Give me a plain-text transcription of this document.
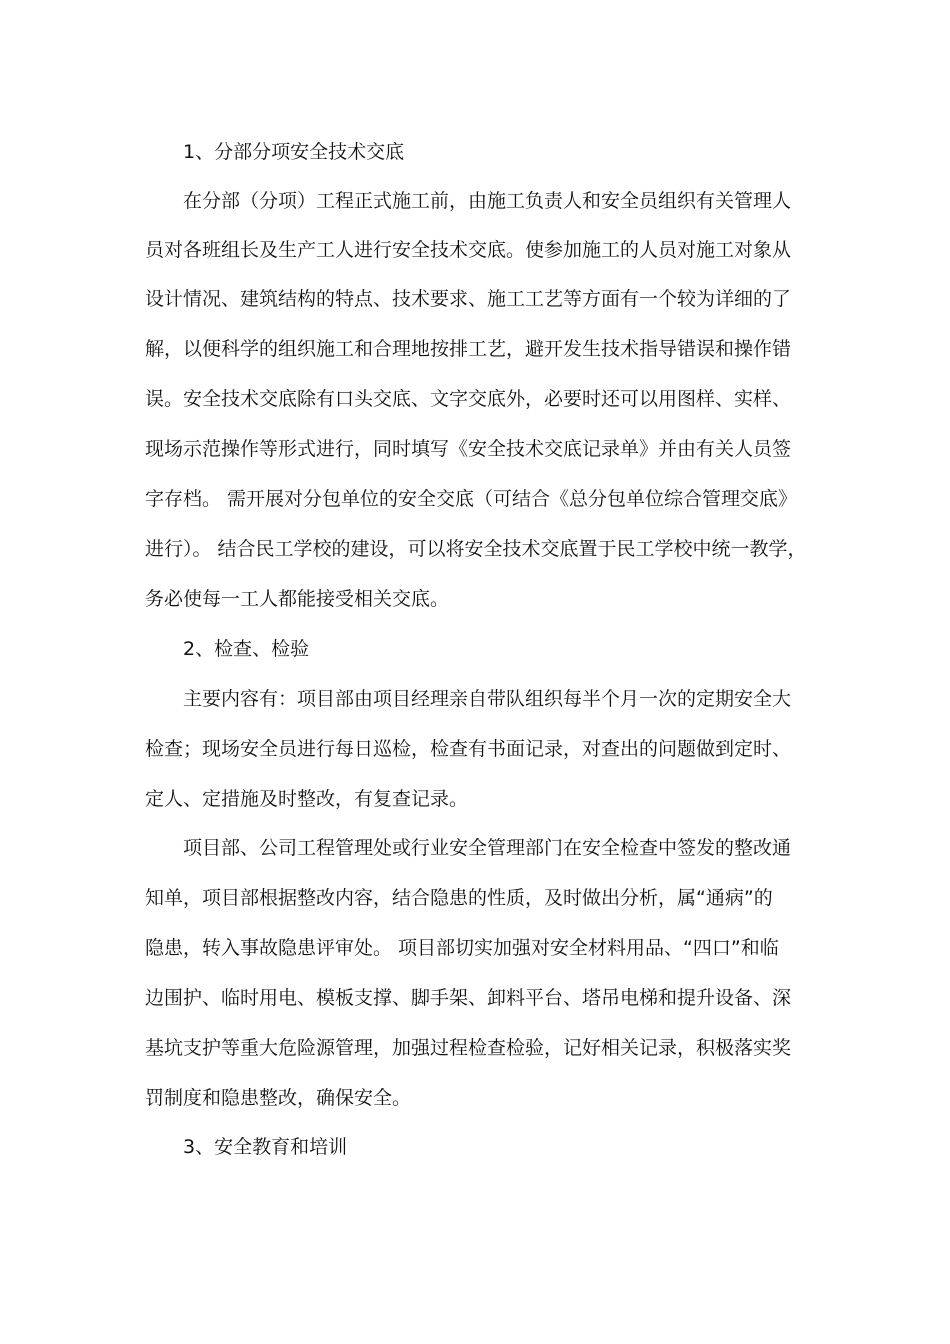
1、分部分项安全技术交底
在分部（分项）工程正式施工前，由施工负责人和安全员组织有关管理人
员对各班组长及生产工人进行安全技术交底。使参加施工的人员对施工对象从
设计情况、建筑结构的特点、技术要求、施工工艺等方面有一个较为详细的了
解，以便科学的组织施工和合理地按排工艺，避开发生技术指导错误和操作错
误。安全技术交底除有口头交底、文字交底外，必要时还可以用图样、实样、
现场示范操作等形式进行，同时填写《安全技术交底记录单》并由有关人员签
字存档。 需开展对分包单位的安全交底（可结合《总分包单位综合管理交底》
进行）。 结合民工学校的建设，可以将安全技术交底置于民工学校中统一教学，
务必使每一工人都能接受相关交底。
2、检查、检验
主要内容有：项目部由项目经理亲自带队组织每半个月一次的定期安全大
检查；现场安全员进行每日巡检，检查有书面记录，对查出的问题做到定时、
定人、定措施及时整改，有复查记录。
项目部、公司工程管理处或行业安全管理部门在安全检查中签发的整改通
知单，项目部根据整改内容，结合隐患的性质，及时做出分析，属“通病”的
隐患，转入事故隐患评审处。 项目部切实加强对安全材料用品、“四口”和临
边围护、临时用电、模板支撑、脚手架、卸料平台、塔吊电梯和提升设备、深
基坑支护等重大危险源管理，加强过程检查检验，记好相关记录，积极落实奖
罚制度和隐患整改，确保安全。
3、安全教育和培训
